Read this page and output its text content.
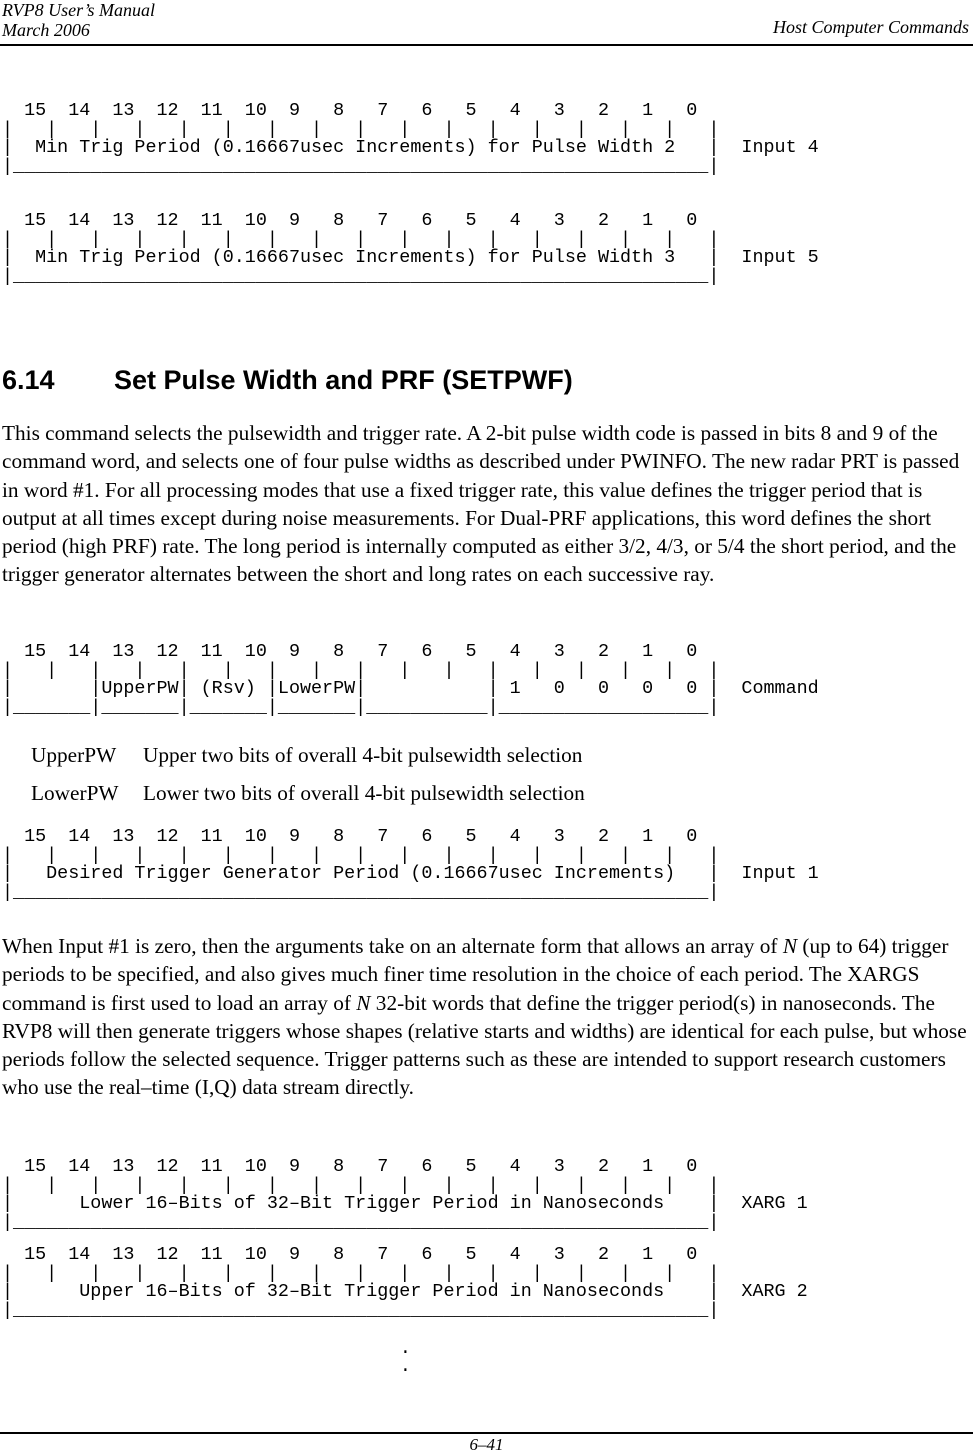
RVP8 User’s Manual
March 2006	Host Computer Commands
15  14  13  12  11  10  9   8   7   6   5   4   3   2   1   0
|   |   |   |   |   |   |   |   |   |   |   |   |   |   |   |   |
|  Min Trig Period (0.16667usec Increments) for Pulse Width 2   |  Input 4
|_______________________________________________________________|
15  14  13  12  11  10  9   8   7   6   5   4   3   2   1   0
|   |   |   |   |   |   |   |   |   |   |   |   |   |   |   |   |
|  Min Trig Period (0.16667usec Increments) for Pulse Width 3   |  Input 5
|_______________________________________________________________|
6.14 Set Pulse Width and PRF (SETPWF)

This command selects the pulsewidth and trigger rate. A 2-bit pulse width code is passed in bits 8 and 9 of the command word, and selects one of four pulse widths as described under PWINFO. The new radar PRT is passed in word #1. For all processing modes that use a fixed trigger rate, this value defines the trigger period that is output at all times except during noise measurements. For Dual-PRF applications, this word defines the short period (high PRF) rate. The long period is internally computed as either 3/2, 4/3, or 5/4 the short period, and the trigger generator alternates between the short and long rates on each successive ray.

15  14  13  12  11  10  9   8   7   6   5   4   3   2   1   0
|   |   |   |   |   |   |   |   |   |   |   |   |   |   |   |   |
|       |UpperPW| (Rsv) |LowerPW|           | 1   0   0   0   0 |  Command
|_______|_______|_______|_______|___________|___________________|
UpperPW Upper two bits of overall 4-bit pulsewidth selection
LowerPW Lower two bits of overall 4-bit pulsewidth selection
15  14  13  12  11  10  9   8   7   6   5   4   3   2   1   0
|   |   |   |   |   |   |   |   |   |   |   |   |   |   |   |   |
|   Desired Trigger Generator Period (0.16667usec Increments)   |  Input 1
|_______________________________________________________________|

When Input #1 is zero, then the arguments take on an alternate form that allows an array of N (up to 64) trigger periods to be specified, and also gives much finer time resolution in the choice of each period. The XARGS command is first used to load an array of N 32-bit words that define the trigger period(s) in nanoseconds. The RVP8 will then generate triggers whose shapes (relative starts and widths) are identical for each pulse, but whose periods follow the selected sequence. Trigger patterns such as these are intended to support research customers who use the real–time (I,Q) data stream directly.

15  14  13  12  11  10  9   8   7   6   5   4   3   2   1   0
|   |   |   |   |   |   |   |   |   |   |   |   |   |   |   |   |
|      Lower 16–Bits of 32–Bit Trigger Period in Nanoseconds    |  XARG 1
|_______________________________________________________________|
15  14  13  12  11  10  9   8   7   6   5   4   3   2   1   0
|   |   |   |   |   |   |   |   |   |   |   |   |   |   |   |   |
|      Upper 16–Bits of 32–Bit Trigger Period in Nanoseconds    |  XARG 2
|_______________________________________________________________|
.
.
6–41
